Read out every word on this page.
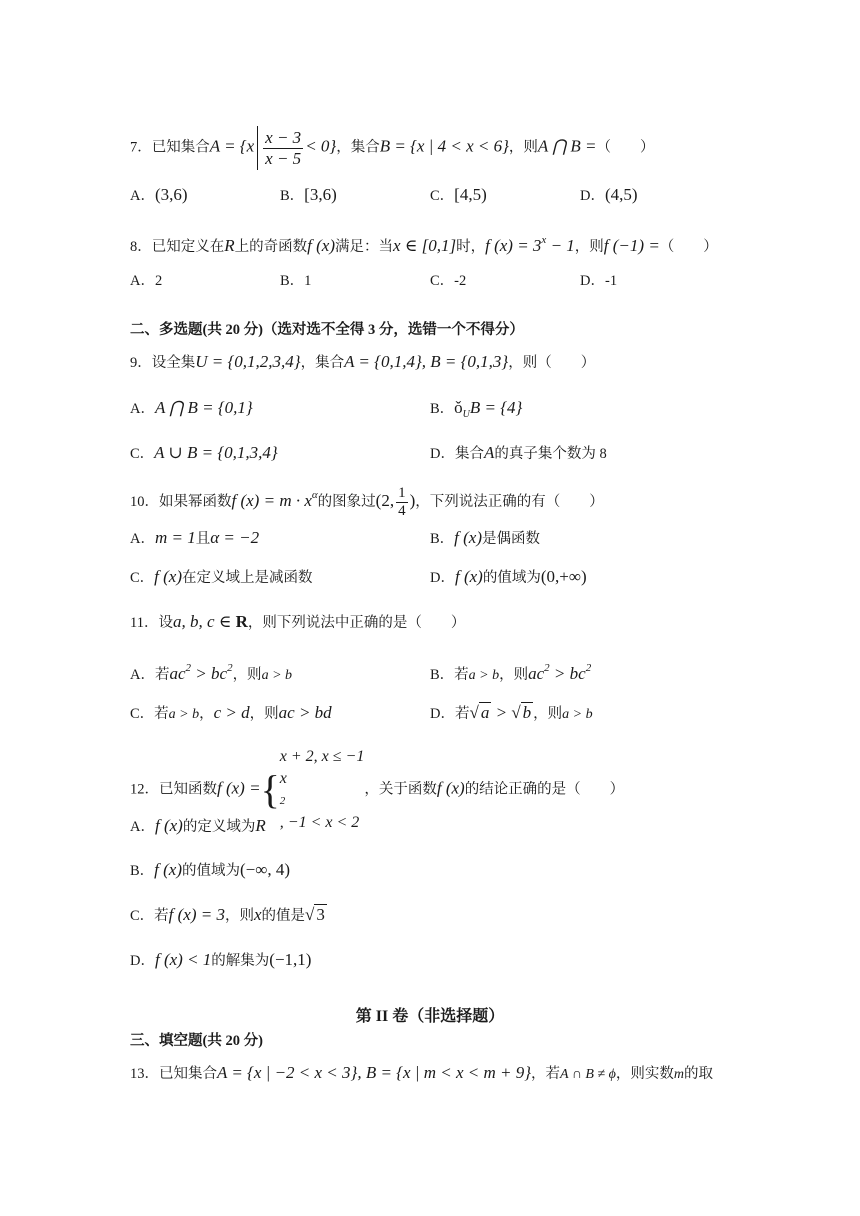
7．已知集合$A = \{x \frac{x - 3}{x - 5} < 0\}$，集合B = {x | 4 < x < 6}，则A ⋂ B =（　　）
A．(3,6)	B．[3,6)	C．[4,5)	D．(4,5)
8．已知定义在R上的奇函数f (x)满足：当x ∈ [0,1]时，f $(x) = 3^x - 1$，则f (−1) =（　　）
A．2	B．1	C．-2	D．-1
二、多选题(共 20 分)（选对选不全得 3 分，选错一个不得分）
9．设全集U = {0,1,2,3,4}，集合A = {0,1,4}, B = {0,1,3}，则（　　）
A．A ⋂ B = {0,1}	B．$ǒ_UB = \{4\}$
C．A ∪ B = {0,1,3,4}	D．集合A的真子集个数为 8
10．如果幂函数f $(x) = m \cdot x^\alpha$的图象过(2, $\frac{1}{4}$ )，下列说法正确的有（　　）
A．m = 1且α = −2	B．f (x)是偶函数
C．f (x)在定义域上是减函数	D．f (x)的值域为(0,+∞)
11．设a, b, c ∈ R，则下列说法中正确的是（　　）
A．若$ac^2 > bc^2$，则a > b	B．若a > b，则$ac^2 > bc^2$
C．若a > b，c > d，则ac > bd	D．若√ a > √ b ，则a > b
12．已知函数f (x) ={
x + 2, x ≤ −1
x
2
, −1 < x < 2
，关于函数f (x)的结论正确的是（　　）
A．f (x)的定义域为R
B．f (x)的值域为(−∞, 4)
C．若f (x) = 3，则x的值是√ 3
D．f (x) < 1的解集为(−1,1)
第 II 卷（非选择题）
三、填空题(共 20 分)
13．已知集合A = {x | −2 < x < 3}, B = {x | m < x < m + 9}，若A ∩ B ≠ ϕ，则实数m的取
